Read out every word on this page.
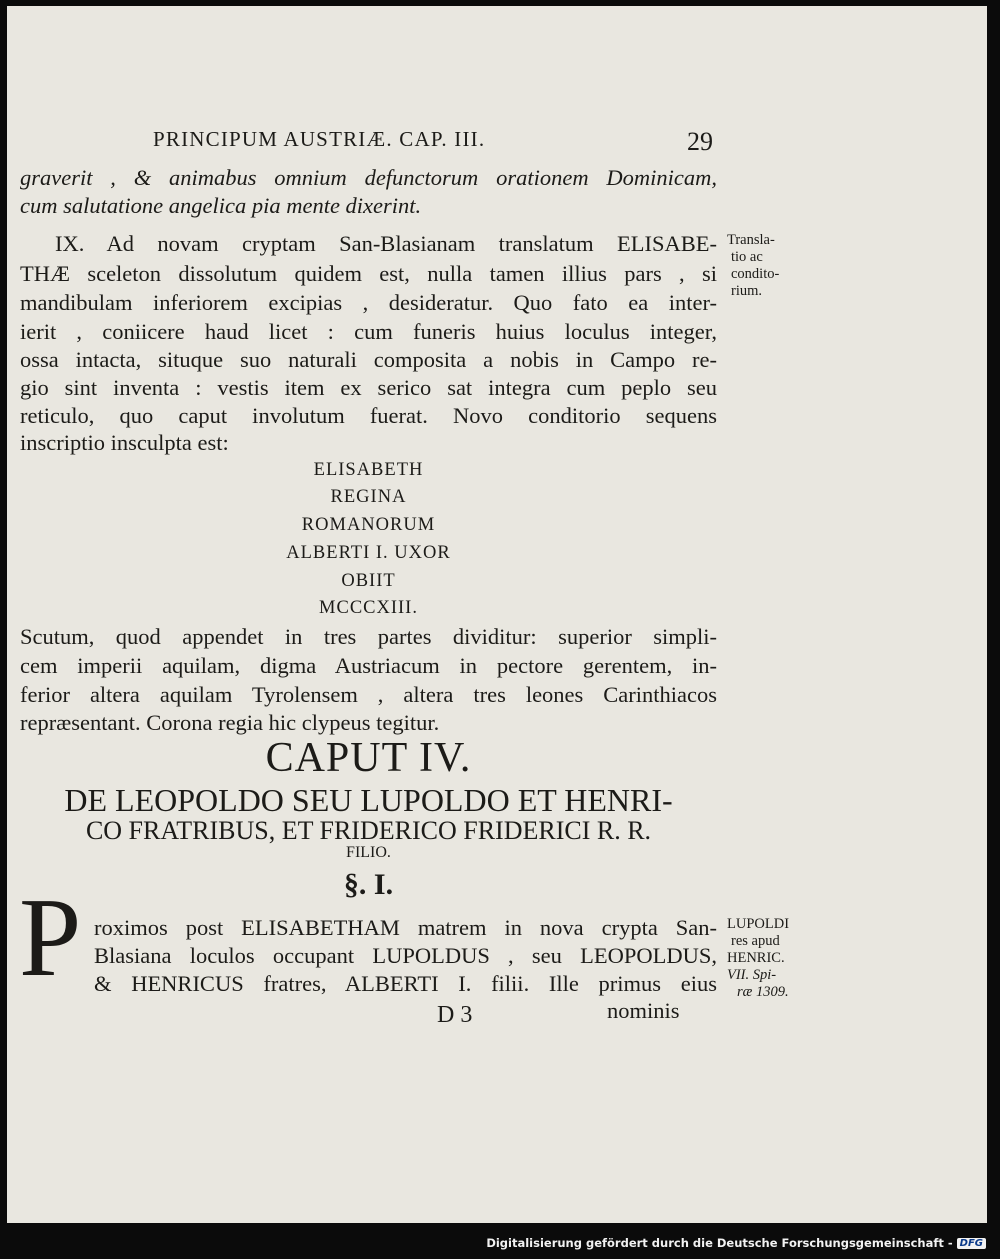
PRINCIPUM AUSTRIÆ. CAP. III.	29
graverit , & animabus omnium defunctorum orationem Dominicam,
cum salutatione angelica pia mente dixerint.
IX. Ad novam cryptam San-Blasianam translatum ELISABE-
THÆ sceleton dissolutum quidem est, nulla tamen illius pars , si
mandibulam inferiorem excipias , desideratur. Quo fato ea inter-
ierit , coniicere haud licet : cum funeris huius loculus integer,
ossa intacta, situque suo naturali composita a nobis in Campo re-
gio sint inventa : vestis item ex serico sat integra cum peplo seu
reticulo, quo caput involutum fuerat. Novo conditorio sequens
inscriptio insculpta est:
ELISABETH
REGINA
ROMANORUM
ALBERTI I. UXOR
OBIIT
MCCCXIII.
Scutum, quod appendet in tres partes dividitur: superior simpli-
cem imperii aquilam, digma Austriacum in pectore gerentem, in-
ferior altera aquilam Tyrolensem , altera tres leones Carinthiacos
repræsentant. Corona regia hic clypeus tegitur.
CAPUT IV.
DE LEOPOLDO SEU LUPOLDO ET HENRI-
CO FRATRIBUS, ET FRIDERICO FRIDERICI R. R.
FILIO.
§. I.
P roximos post ELISABETHAM matrem in nova crypta San-
Blasiana loculos occupant LUPOLDUS , seu LEOPOLDUS,
& HENRICUS fratres, ALBERTI I. filii. Ille primus eius
D 3	nominis
Transla-
tio ac
condito-
rium.
LUPOLDI
res apud
HENRIC.
VII. Spi-
ræ 1309.
Digitalisierung gefördert durch die Deutsche Forschungsgemeinschaft - DFG
